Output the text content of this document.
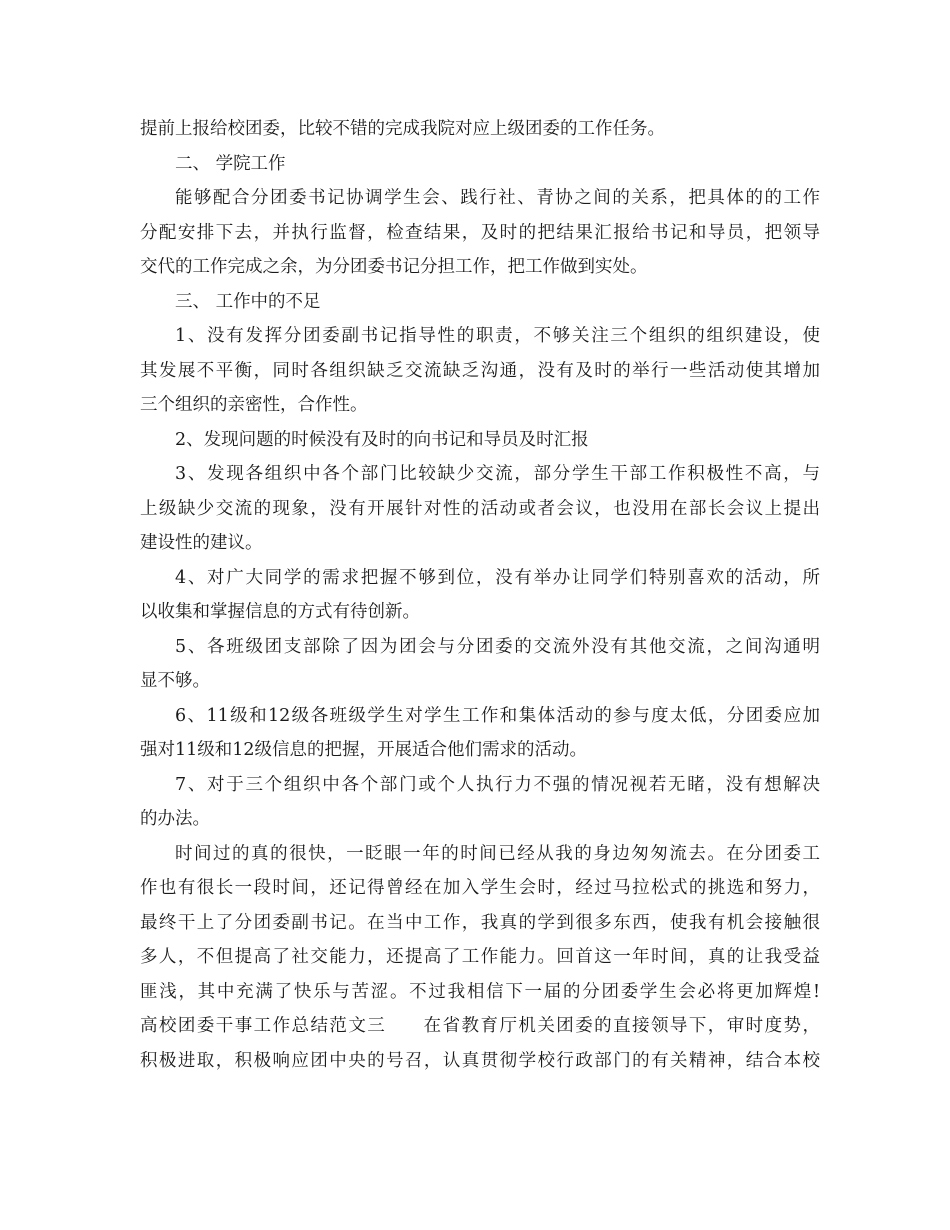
提前上报给校团委，比较不错的完成我院对应上级团委的工作任务。
二、 学院工作
能够配合分团委书记协调学生会、践行社、青协之间的关系，把具体的的工作
分配安排下去，并执行监督，检查结果，及时的把结果汇报给书记和导员，把领导
交代的工作完成之余，为分团委书记分担工作，把工作做到实处。
三、 工作中的不足
1、没有发挥分团委副书记指导性的职责，不够关注三个组织的组织建设，使
其发展不平衡，同时各组织缺乏交流缺乏沟通，没有及时的举行一些活动使其增加
三个组织的亲密性，合作性。
2、发现问题的时候没有及时的向书记和导员及时汇报
3、发现各组织中各个部门比较缺少交流，部分学生干部工作积极性不高，与
上级缺少交流的现象，没有开展针对性的活动或者会议，也没用在部长会议上提出
建设性的建议。
4、对广大同学的需求把握不够到位，没有举办让同学们特别喜欢的活动，所
以收集和掌握信息的方式有待创新。
5、各班级团支部除了因为团会与分团委的交流外没有其他交流，之间沟通明
显不够。
6、11级和12级各班级学生对学生工作和集体活动的参与度太低，分团委应加
强对11级和12级信息的把握，开展适合他们需求的活动。
7、对于三个组织中各个部门或个人执行力不强的情况视若无睹，没有想解决
的办法。
时间过的真的很快，一眨眼一年的时间已经从我的身边匆匆流去。在分团委工
作也有很长一段时间，还记得曾经在加入学生会时，经过马拉松式的挑选和努力，
最终干上了分团委副书记。在当中工作，我真的学到很多东西，使我有机会接触很
多人，不但提高了社交能力，还提高了工作能力。回首这一年时间，真的让我受益
匪浅，其中充满了快乐与苦涩。不过我相信下一届的分团委学生会必将更加辉煌!
高校团委干事工作总结范文三 在省教育厅机关团委的直接领导下，审时度势，
积极进取，积极响应团中央的号召，认真贯彻学校行政部门的有关精神，结合本校
